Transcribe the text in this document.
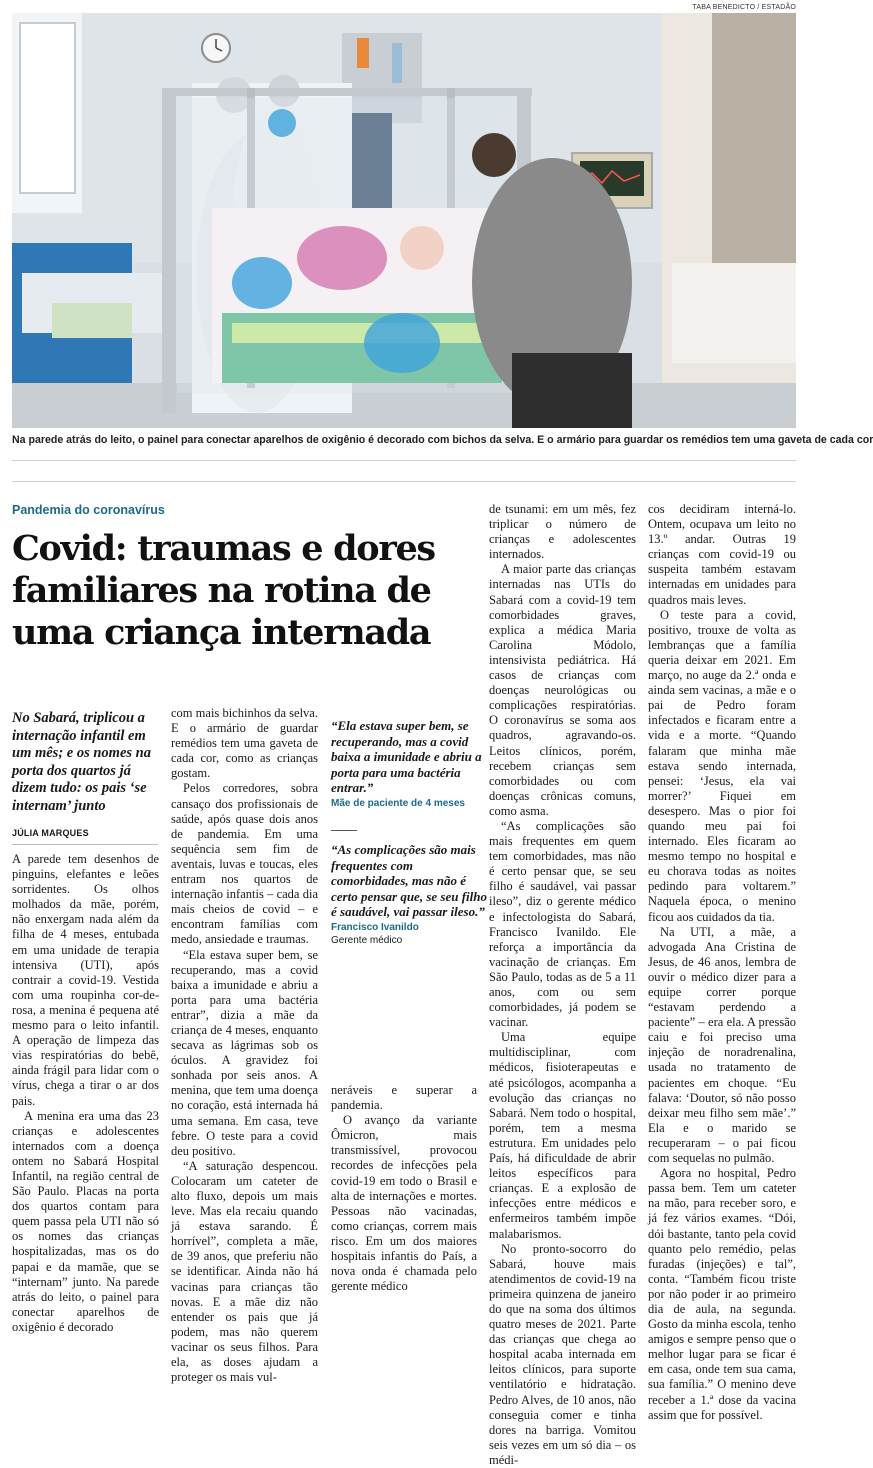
TABA BENEDICTO / ESTADÃO
Na parede atrás do leito, o painel para conectar aparelhos de oxigênio é decorado com bichos da selva. E o armário para guardar os remédios tem uma gaveta de cada cor
Pandemia do coronavírus
Covid: traumas e dores familiares na rotina de uma criança internada
No Sabará, triplicou a internação infantil em um mês; e os nomes na porta dos quartos já dizem tudo: os pais ‘se internam’ junto
JÚLIA MARQUES

A parede tem desenhos de pinguins, elefantes e leões sorridentes. Os olhos molhados da mãe, porém, não enxergam nada além da filha de 4 meses, entubada em uma unidade de terapia intensiva (UTI), após contrair a covid-19. Vestida com uma roupinha cor-de-rosa, a menina é pequena até mesmo para o leito infantil. A operação de limpeza das vias respiratórias do bebê, ainda frágil para lidar com o vírus, chega a tirar o ar dos pais.

A menina era uma das 23 crianças e adolescentes internados com a doença ontem no Sabará Hospital Infantil, na região central de São Paulo. Placas na porta dos quartos contam para quem passa pela UTI não só os nomes das crianças hospitalizadas, mas os do papai e da mamãe, que se “internam” junto. Na parede atrás do leito, o painel para conectar aparelhos de oxigênio é decorado

com mais bichinhos da selva. E o armário de guardar remédios tem uma gaveta de cada cor, como as crianças gostam.

Pelos corredores, sobra cansaço dos profissionais de saúde, após quase dois anos de pandemia. Em uma sequência sem fim de aventais, luvas e toucas, eles entram nos quartos de internação infantis – cada dia mais cheios de covid – e encontram famílias com medo, ansiedade e traumas.

“Ela estava super bem, se recuperando, mas a covid baixa a imunidade e abriu a porta para uma bactéria entrar”, dizia a mãe da criança de 4 meses, enquanto secava as lágrimas sob os óculos. A gravidez foi sonhada por seis anos. A menina, que tem uma doença no coração, está internada há uma semana. Em casa, teve febre. O teste para a covid deu positivo.

“A saturação despencou. Colocaram um cateter de alto fluxo, depois um mais leve. Mas ela recaiu quando já estava sarando. É horrível”, completa a mãe, de 39 anos, que preferiu não se identificar. Ainda não há vacinas para crianças tão novas. E a mãe diz não entender os pais que já podem, mas não querem vacinar os seus filhos. Para ela, as doses ajudam a proteger os mais vul-

“Ela estava super bem, se recuperando, mas a covid baixa a imunidade e abriu a porta para uma bactéria entrar.”
Mãe de paciente de 4 meses
“As complicações são mais frequentes com comorbidades, mas não é certo pensar que, se seu filho é saudável, vai passar ileso.”
Francisco Ivanildo
Gerente médico

neráveis e superar a pandemia.

O avanço da variante Ômicron, mais transmissível, provocou recordes de infecções pela covid-19 em todo o Brasil e alta de internações e mortes. Pessoas não vacinadas, como crianças, correm mais risco. Em um dos maiores hospitais infantis do País, a nova onda é chamada pelo gerente médico

de tsunami: em um mês, fez triplicar o número de crianças e adolescentes internados.

A maior parte das crianças internadas nas UTIs do Sabará com a covid-19 tem comorbidades graves, explica a médica Maria Carolina Módolo, intensivista pediátrica. Há casos de crianças com doenças neurológicas ou complicações respiratórias. O coronavírus se soma aos quadros, agravando-os. Leitos clínicos, porém, recebem crianças sem comorbidades ou com doenças crônicas comuns, como asma.

“As complicações são mais frequentes em quem tem comorbidades, mas não é certo pensar que, se seu filho é saudável, vai passar ileso”, diz o gerente médico e infectologista do Sabará, Francisco Ivanildo. Ele reforça a importância da vacinação de crianças. Em São Paulo, todas as de 5 a 11 anos, com ou sem comorbidades, já podem se vacinar.

Uma equipe multidisciplinar, com médicos, fisioterapeutas e até psicólogos, acompanha a evolução das crianças no Sabará. Nem todo o hospital, porém, tem a mesma estrutura. Em unidades pelo País, há dificuldade de abrir leitos específicos para crianças. E a explosão de infecções entre médicos e enfermeiros também impõe malabarismos.

No pronto-socorro do Sabará, houve mais atendimentos de covid-19 na primeira quinzena de janeiro do que na soma dos últimos quatro meses de 2021. Parte das crianças que chega ao hospital acaba internada em leitos clínicos, para suporte ventilatório e hidratação. Pedro Alves, de 10 anos, não conseguia comer e tinha dores na barriga. Vomitou seis vezes em um só dia – os médi-

cos decidiram interná-lo. Ontem, ocupava um leito no 13.º andar. Outras 19 crianças com covid-19 ou suspeita também estavam internadas em unidades para quadros mais leves.

O teste para a covid, positivo, trouxe de volta as lembranças que a família queria deixar em 2021. Em março, no auge da 2.ª onda e ainda sem vacinas, a mãe e o pai de Pedro foram infectados e ficaram entre a vida e a morte. “Quando falaram que minha mãe estava sendo internada, pensei: ‘Jesus, ela vai morrer?’ Fiquei em desespero. Mas o pior foi quando meu pai foi internado. Eles ficaram ao mesmo tempo no hospital e eu chorava todas as noites pedindo para voltarem.” Naquela época, o menino ficou aos cuidados da tia.

Na UTI, a mãe, a advogada Ana Cristina de Jesus, de 46 anos, lembra de ouvir o médico dizer para a equipe correr porque “estavam perdendo a paciente” – era ela. A pressão caiu e foi preciso uma injeção de noradrenalina, usada no tratamento de pacientes em choque. “Eu falava: ‘Doutor, só não posso deixar meu filho sem mãe’.” Ela e o marido se recuperaram – o pai ficou com sequelas no pulmão.

Agora no hospital, Pedro passa bem. Tem um cateter na mão, para receber soro, e já fez vários exames. “Dói, dói bastante, tanto pela covid quanto pelo remédio, pelas furadas (injeções) e tal”, conta. “Também ficou triste por não poder ir ao primeiro dia de aula, na segunda. Gosto da minha escola, tenho amigos e sempre penso que o melhor lugar para se ficar é em casa, onde tem sua cama, sua família.” O menino deve receber a 1.ª dose da vacina assim que for possível.
